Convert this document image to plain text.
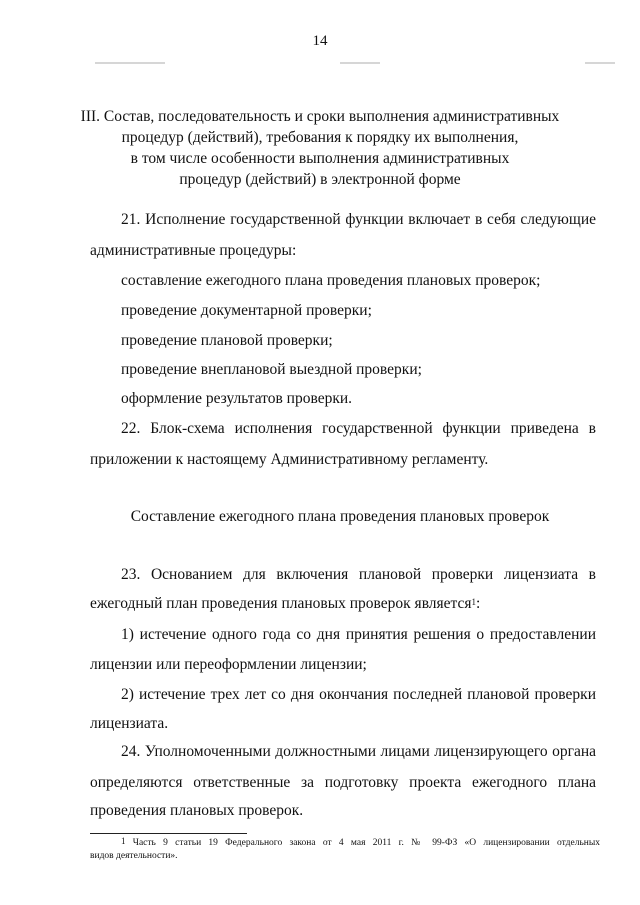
14
III. Состав, последовательность и сроки выполнения административных
процедур (действий), требования к порядку их выполнения,
в том числе особенности выполнения административных
процедур (действий) в электронной форме
21. Исполнение государственной функции включает в себя следующие
административные процедуры:
составление ежегодного плана проведения плановых проверок;
проведение документарной проверки;
проведение плановой проверки;
проведение внеплановой выездной проверки;
оформление результатов проверки.
22. Блок-схема исполнения государственной функции приведена в
приложении к настоящему Административному регламенту.
Составление ежегодного плана проведения плановых проверок
23. Основанием для включения плановой проверки лицензиата в
ежегодный план проведения плановых проверок является$^1$:
1) истечение одного года со дня принятия решения о предоставлении
лицензии или переоформлении лицензии;
2) истечение трех лет со дня окончания последней плановой проверки
лицензиата.
24. Уполномоченными должностными лицами лицензирующего органа
определяются ответственные за подготовку проекта ежегодного плана
проведения плановых проверок.
$^1$ Часть 9 статьи 19 Федерального закона от 4 мая 2011 г. № 99-ФЗ «О лицензировании отдельных
видов деятельности».
